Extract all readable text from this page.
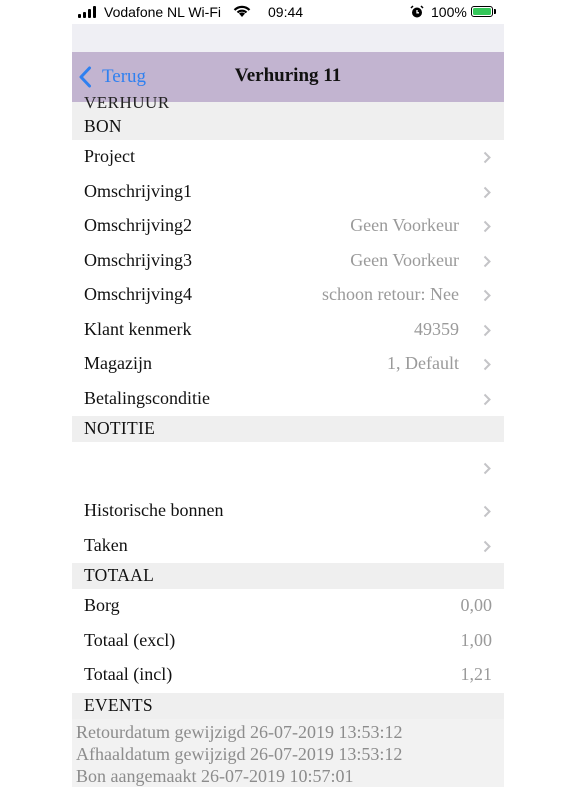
Vodafone NL Wi-Fi	09:44	100%
Terug	Verhuring 11
VERHUUR
BON
Project
Omschrijving1
Omschrijving2	Geen Voorkeur
Omschrijving3	Geen Voorkeur
Omschrijving4	schoon retour: Nee
Klant kenmerk	49359
Magazijn	1, Default
Betalingsconditie
NOTITIE
Historische bonnen
Taken
TOTAAL
Borg	0,00
Totaal (excl)	1,00
Totaal (incl)	1,21
EVENTS
Retourdatum gewijzigd 26-07-2019 13:53:12
Afhaaldatum gewijzigd 26-07-2019 13:53:12
Bon aangemaakt 26-07-2019 10:57:01
